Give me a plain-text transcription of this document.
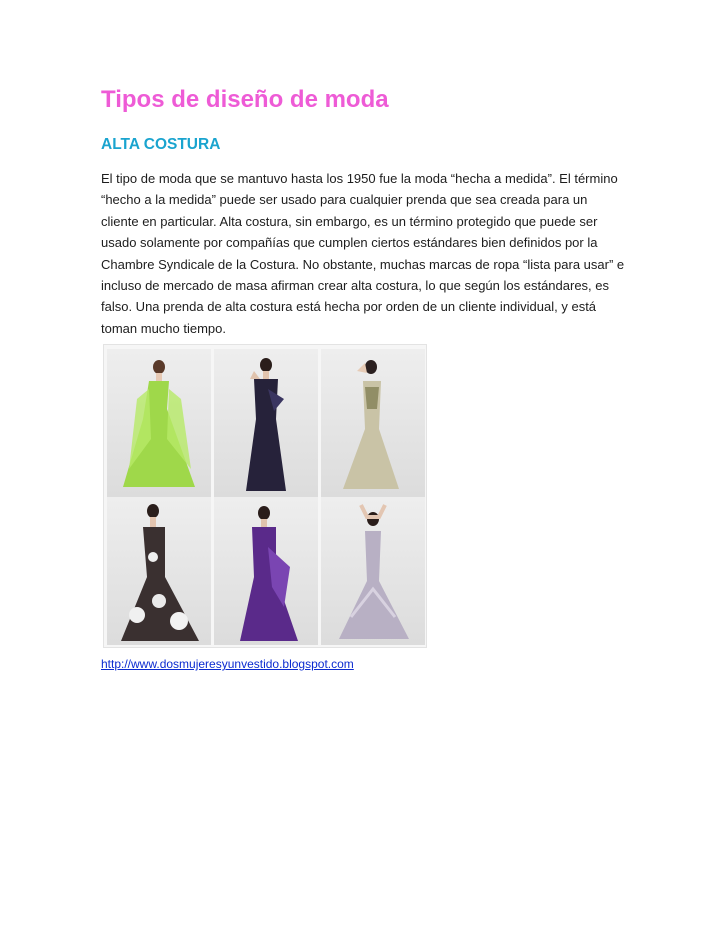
Tipos de diseño de moda
ALTA COSTURA
El tipo de moda que se mantuvo hasta los 1950 fue la moda “hecha a medida”. El término
“hecho a la medida” puede ser usado para cualquier prenda que sea creada para un
cliente en particular. Alta costura, sin embargo, es un término protegido que puede ser
usado solamente por compañías que cumplen ciertos estándares bien definidos por la
Chambre Syndicale de la Costura. No obstante, muchas marcas de ropa “lista para usar” e
incluso de mercado de masa afirman crear alta costura, lo que según los estándares, es
falso. Una prenda de alta costura está hecha por orden de un cliente individual, y está
toman mucho tiempo.
http://www.dosmujeresyunvestido.blogspot.com
